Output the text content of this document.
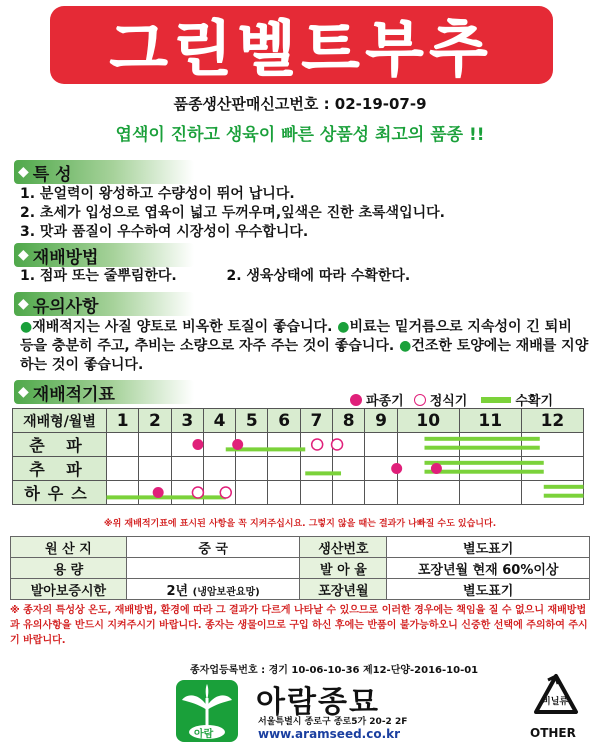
그린벨트부추
품종생산판매신고번호 : 02-19-07-9
엽색이 진하고 생육이 빠른 상품성 최고의 품종 !!
◆ 특 성
1. 분얼력이 왕성하고 수량성이 뛰어 납니다.
2. 초세가 입성으로 엽육이 넓고 두꺼우며,잎색은 진한 초록색입니다.
3. 맛과 품질이 우수하여 시장성이 우수합니다.
◆ 재배방법
1. 점파 또는 줄뿌림한다.	2. 생육상태에 따라 수확한다.
◆ 유의사항
●재배적지는 사질 양토로 비옥한 토질이 좋습니다. ●비료는 밑거름으로 지속성이 긴 퇴비 등을 충분히 주고, 추비는 소량으로 자주 주는 것이 좋습니다. ●건조한 토양에는 재배를 지양하는 것이 좋습니다.
◆ 재배적기표	파종기 정식기	수확기
재배형/월별	1	2	3	4	5	6	7	8	9	10	11	12
춘 파												
추 파												
하우스												
※위 재배적기표에 표시된 사항을 꼭 지켜주십시요. 그렇지 않을 때는 결과가 나빠질 수도 있습니다.
원 산 지	중 국	생산번호	별도표기
용 량		발 아 율	포장년월 현재 60%이상
발아보증시한	2년 (냉암보관요망)	포장년월	별도표기
※ 종자의 특성상 온도, 재배방법, 환경에 따라 그 결과가 다르게 나타날 수 있으므로 이러한 경우에는 책임을 질 수 없으니 재배방법과 유의사항을 반드시 지켜주시기 바랍니다. 종자는 생물이므로 구입 하신 후에는 반품이 불가능하오니 신중한 선택에 주의하여 주시기 바랍니다.
종자업등록번호 : 경기 10-06-10-36 제12-단양-2016-10-01
아람
아람종묘
서울특별시 종로구 종로5가 20-2 2F
www.aramseed.co.kr
비닐류
OTHER
